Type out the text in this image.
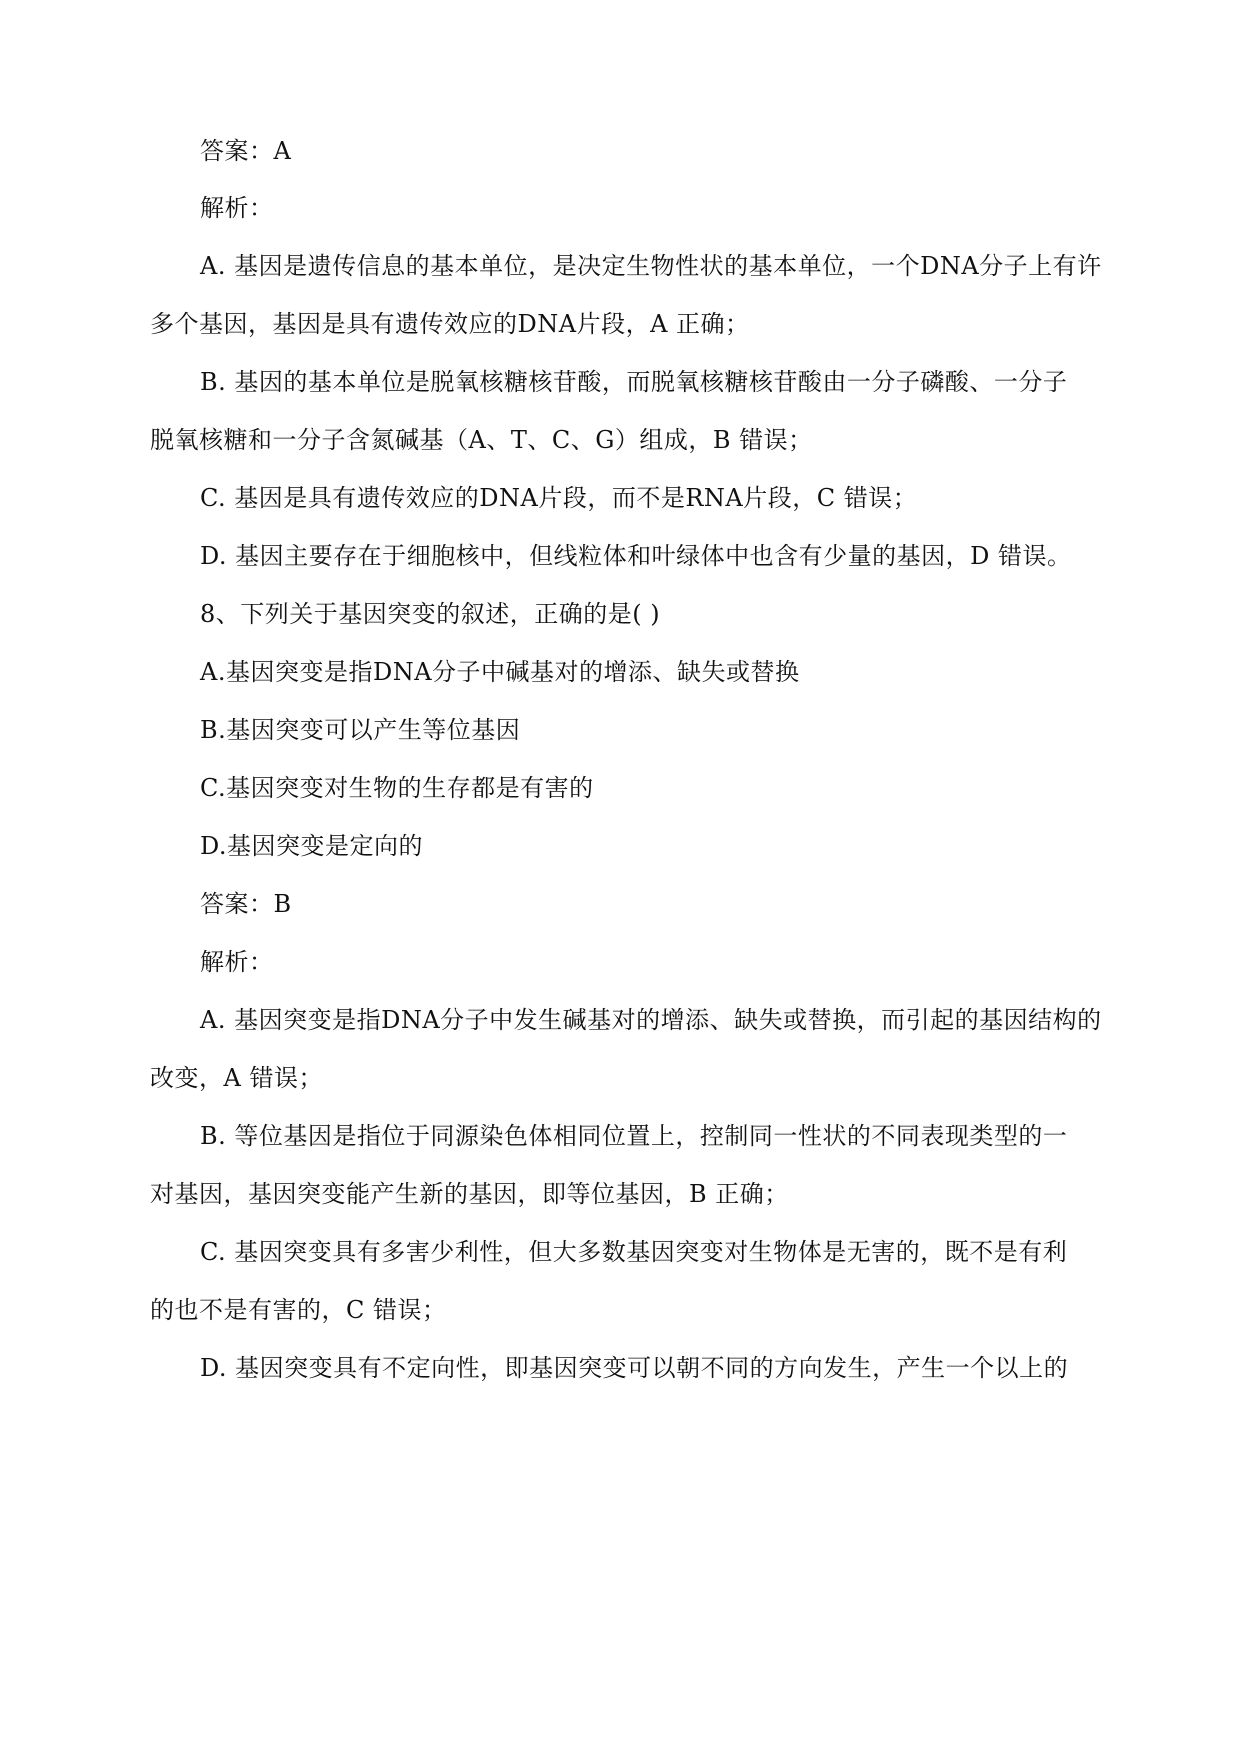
答案：A

解析：

A. 基因是遗传信息的基本单位，是决定生物性状的基本单位，一个DNA分子上有许

多个基因，基因是具有遗传效应的DNA片段，A 正确；

B. 基因的基本单位是脱氧核糖核苷酸，而脱氧核糖核苷酸由一分子磷酸、一分子

脱氧核糖和一分子含氮碱基（A、T、C、G）组成，B 错误；

C. 基因是具有遗传效应的DNA片段，而不是RNA片段，C 错误；

D. 基因主要存在于细胞核中，但线粒体和叶绿体中也含有少量的基因，D 错误。

8、下列关于基因突变的叙述，正确的是( )

A.基因突变是指DNA分子中碱基对的增添、缺失或替换

B.基因突变可以产生等位基因

C.基因突变对生物的生存都是有害的

D.基因突变是定向的

答案：B

解析：

A. 基因突变是指DNA分子中发生碱基对的增添、缺失或替换，而引起的基因结构的

改变，A 错误；

B. 等位基因是指位于同源染色体相同位置上，控制同一性状的不同表现类型的一

对基因，基因突变能产生新的基因，即等位基因，B 正确；

C. 基因突变具有多害少利性，但大多数基因突变对生物体是无害的，既不是有利

的也不是有害的，C 错误；

D. 基因突变具有不定向性，即基因突变可以朝不同的方向发生，产生一个以上的
